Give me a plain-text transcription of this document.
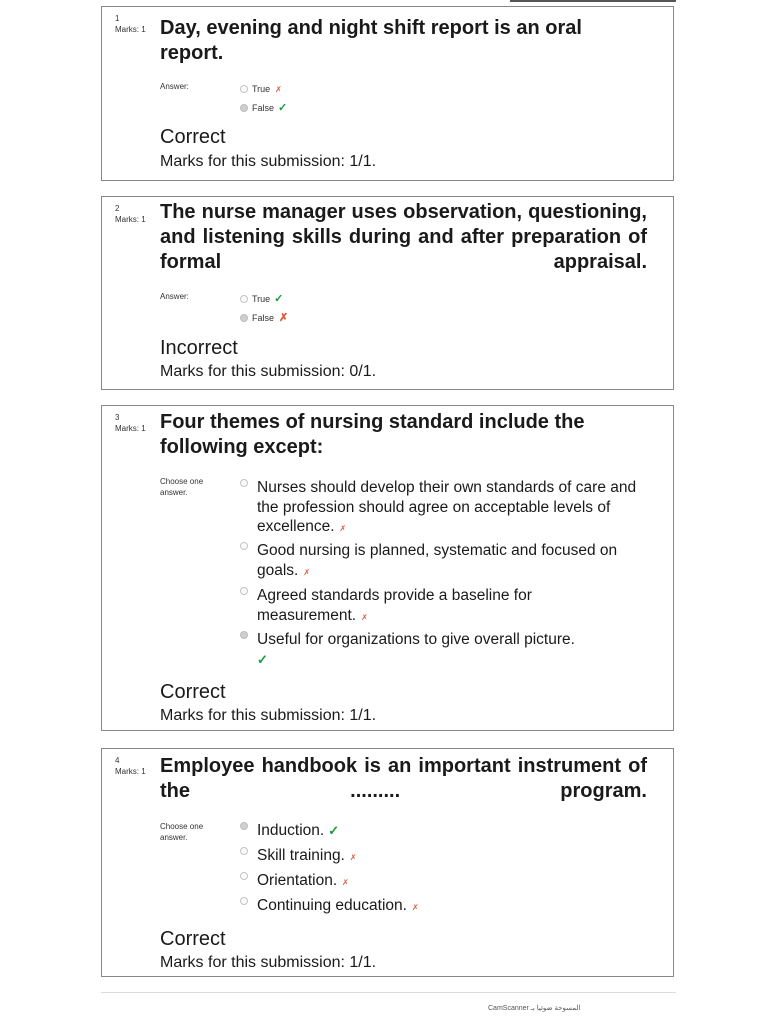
1
Marks: 1 Day, evening and night shift report is an oral report.
Answer:	True ✗
False ✓
Correct
Marks for this submission: 1/1.
2
Marks: 1 The nurse manager uses observation, questioning, and listening skills during and after preparation of formal appraisal.
Answer:	True ✓
False ✗
Incorrect
Marks for this submission: 0/1.
3
Marks: 1 Four themes of nursing standard include the following except:
Choose one answer.	Nurses should develop their own standards of care and the profession should agree on acceptable levels of excellence. ✗
Good nursing is planned, systematic and focused on goals. ✗
Agreed standards provide a baseline for measurement. ✗
Useful for organizations to give overall picture.
✓
Correct
Marks for this submission: 1/1.
4
Marks: 1 Employee handbook is an important instrument of the ......... program.
Choose one answer.	Induction. ✓
Skill training. ✗
Orientation. ✗
Continuing education. ✗
Correct
Marks for this submission: 1/1.
CamScanner المسوحة ضوئيا بـ
